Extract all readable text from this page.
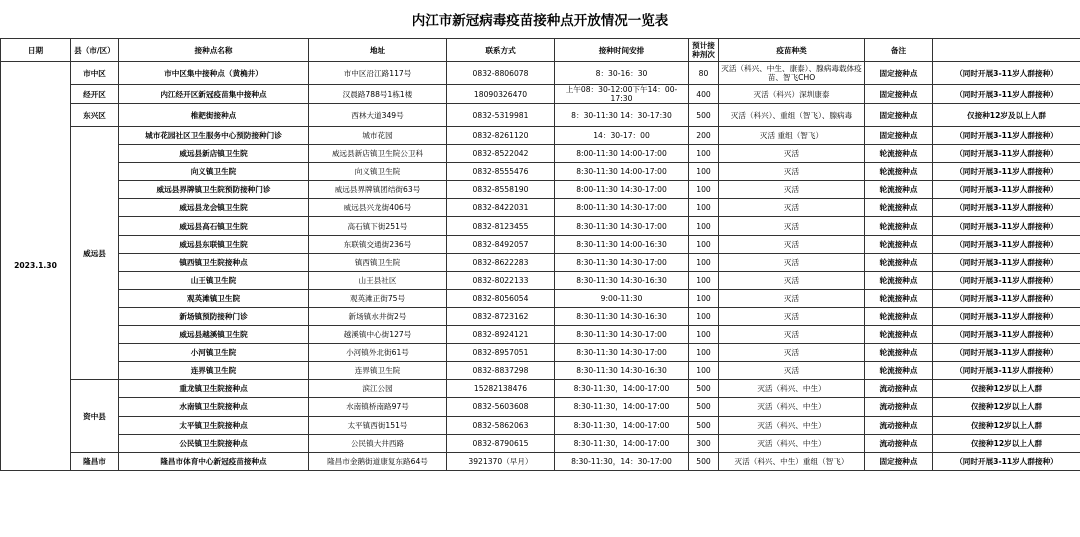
内江市新冠病毒疫苗接种点开放情况一览表
日期	县（市/区）	接种点名称	地址	联系方式	接种时间安排	预计接种剂次	疫苗种类	备注	
2023.1.30	市中区	市中区集中接种点（黄桷井）	市中区沿江路117号	0832-8806078	8：30-16：30	80	灭活（科兴、中生、康泰）、腺病毒载体疫苗、智飞CHO	固定接种点	（同时开展3-11岁人群接种）
	经开区	内江经开区新冠疫苗集中接种点	汉晨路788号1栋1楼	18090326470	上午08：30-12:00下午14：00-17:30	400	灭活（科兴）深圳康泰	固定接种点	（同时开展3-11岁人群接种）
	东兴区	椎耙街接种点	西林大道349号	0832-5319981	8：30-11:30 14：30-17:30	500	灭活（科兴）、重组（智飞）、腺病毒	固定接种点	仅接种12岁及以上人群
	威远县	城市花园社区卫生服务中心预防接种门诊	城市花园	0832-8261120	14：30-17：00	200	灭活 重组（智飞）	固定接种点	（同时开展3-11岁人群接种）
		威远县新店镇卫生院	威远县新店镇卫生院公卫科	0832-8522042	8:00-11:30 14:00-17:00	100	灭活	轮流接种点	（同时开展3-11岁人群接种）
		向义镇卫生院	向义镇卫生院	0832-8555476	8:30-11:30 14:00-17:00	100	灭活	轮流接种点	（同时开展3-11岁人群接种）
		威远县界牌镇卫生院预防接种门诊	威远县界牌镇团结街63号	0832-8558190	8:00-11:30 14:30-17:00	100	灭活	轮流接种点	（同时开展3-11岁人群接种）
		威远县龙会镇卫生院	威远县兴龙街406号	0832-8422031	8:00-11:30 14:30-17:00	100	灭活	轮流接种点	（同时开展3-11岁人群接种）
		威远县高石镇卫生院	高石镇下街251号	0832-8123455	8:30-11:30 14:30-17:00	100	灭活	轮流接种点	（同时开展3-11岁人群接种）
		威远县东联镇卫生院	东联镇交通街236号	0832-8492057	8:30-11:30 14:00-16:30	100	灭活	轮流接种点	（同时开展3-11岁人群接种）
		镇西镇卫生院接种点	镇西镇卫生院	0832-8622283	8:30-11:30 14:30-17:00	100	灭活	轮流接种点	（同时开展3-11岁人群接种）
		山王镇卫生院	山王县社区	0832-8022133	8:30-11:30 14:30-16:30	100	灭活	轮流接种点	（同时开展3-11岁人群接种）
		观英滩镇卫生院	观英滩正街75号	0832-8056054	9:00-11:30	100	灭活	轮流接种点	（同时开展3-11岁人群接种）
		新场镇预防接种门诊	新场镇水井街2号	0832-8723162	8:30-11:30 14:30-16:30	100	灭活	轮流接种点	（同时开展3-11岁人群接种）
		威远县越溪镇卫生院	越溪镇中心街127号	0832-8924121	8:30-11:30 14:30-17:00	100	灭活	轮流接种点	（同时开展3-11岁人群接种）
		小河镇卫生院	小河镇外北街61号	0832-8957051	8:30-11:30 14:30-17:00	100	灭活	轮流接种点	（同时开展3-11岁人群接种）
		连界镇卫生院	连界镇卫生院	0832-8837298	8:30-11:30 14:30-16:30	100	灭活	轮流接种点	（同时开展3-11岁人群接种）
	资中县	重龙镇卫生院接种点	滨江公园	15282138476	8:30-11:30，14:00-17:00	500	灭活（科兴、中生）	流动接种点	仅接种12岁以上人群
		水南镇卫生院接种点	水南镇桥南路97号	0832-5603608	8:30-11:30，14:00-17:00	500	灭活（科兴、中生）	流动接种点	仅接种12岁以上人群
		太平镇卫生院接种点	太平镇西街151号	0832-5862063	8:30-11:30，14:00-17:00	500	灭活（科兴、中生）	流动接种点	仅接种12岁以上人群
		公民镇卫生院接种点	公民镇大井西路	0832-8790615	8:30-11:30，14:00-17:00	300	灭活（科兴、中生）	流动接种点	仅接种12岁以上人群
	隆昌市	隆昌市体育中心新冠疫苗接种点	隆昌市金鹅街道康复东路64号	3921370（早月）	8:30-11:30，14：30-17:00	500	灭活（科兴、中生）重组（智飞）	固定接种点	（同时开展3-11岁人群接种）
